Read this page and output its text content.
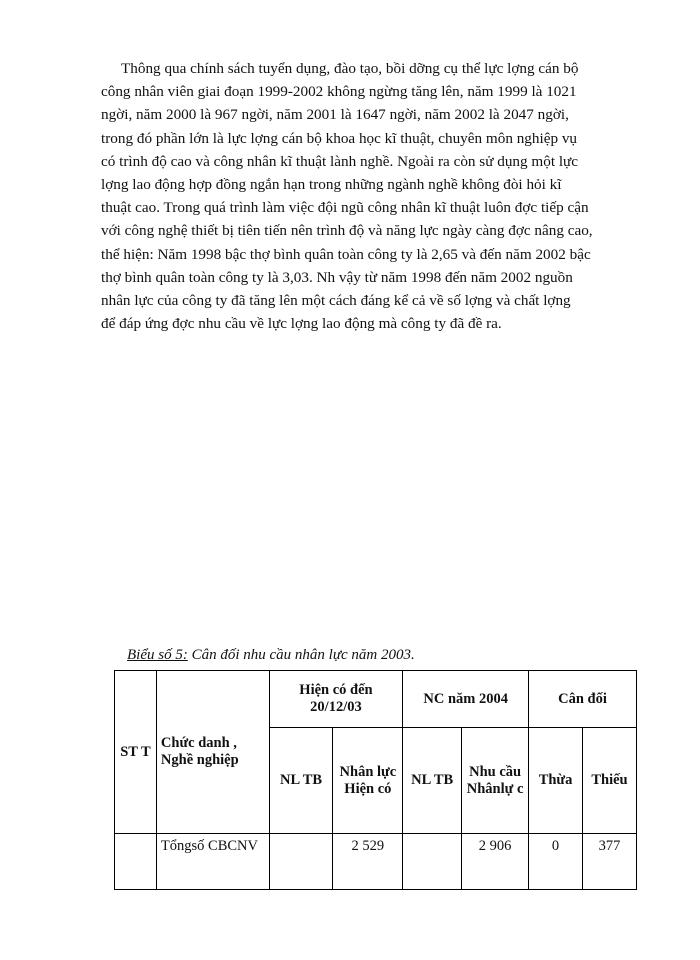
Thông qua chính sách tuyển dụng, đào tạo, bồi dỡng cụ thể lực lợng cán bộ
công nhân viên giai đoạn 1999-2002 không ngừng tăng lên, năm 1999 là 1021
ngời, năm 2000 là 967 ngời, năm 2001 là 1647 ngời, năm 2002 là 2047 ngời,
trong đó phần lớn là lực lợng cán bộ khoa học kĩ thuật, chuyên môn nghiệp vụ
có trình độ cao và công nhân kĩ thuật lành nghề. Ngoài ra còn sử dụng một lực
lợng lao động hợp đồng ngắn hạn trong những ngành nghề không đòi hỏi kĩ
thuật cao. Trong quá trình làm việc đội ngũ công nhân kĩ thuật luôn đợc tiếp cận
với công nghệ thiết bị tiên tiến nên trình độ và năng lực ngày càng đợc nâng cao,
thể hiện: Năm 1998 bậc thợ bình quân toàn công ty là 2,65 và đến năm 2002 bậc
thợ bình quân toàn công ty là 3,03. Nh vậy từ năm 1998 đến năm 2002 nguồn
nhân lực của công ty đã tăng lên một cách đáng kể cả về số lợng và chất lợng
để đáp ứng đợc nhu cầu về lực lợng lao động mà công ty đã đề ra.

Biểu số 5: Cân đối nhu cầu nhân lực năm 2003.

ST T	Chức danh , Nghề nghiệp	Hiện có đến 20/12/03		NC năm 2004		Cân đối	
		NL TB	Nhân lực Hiện có	NL TB	Nhu cầu Nhânlự c	Thừa	Thiếu
	Tổngsố CBCNV		2 529		2 906	0	377
